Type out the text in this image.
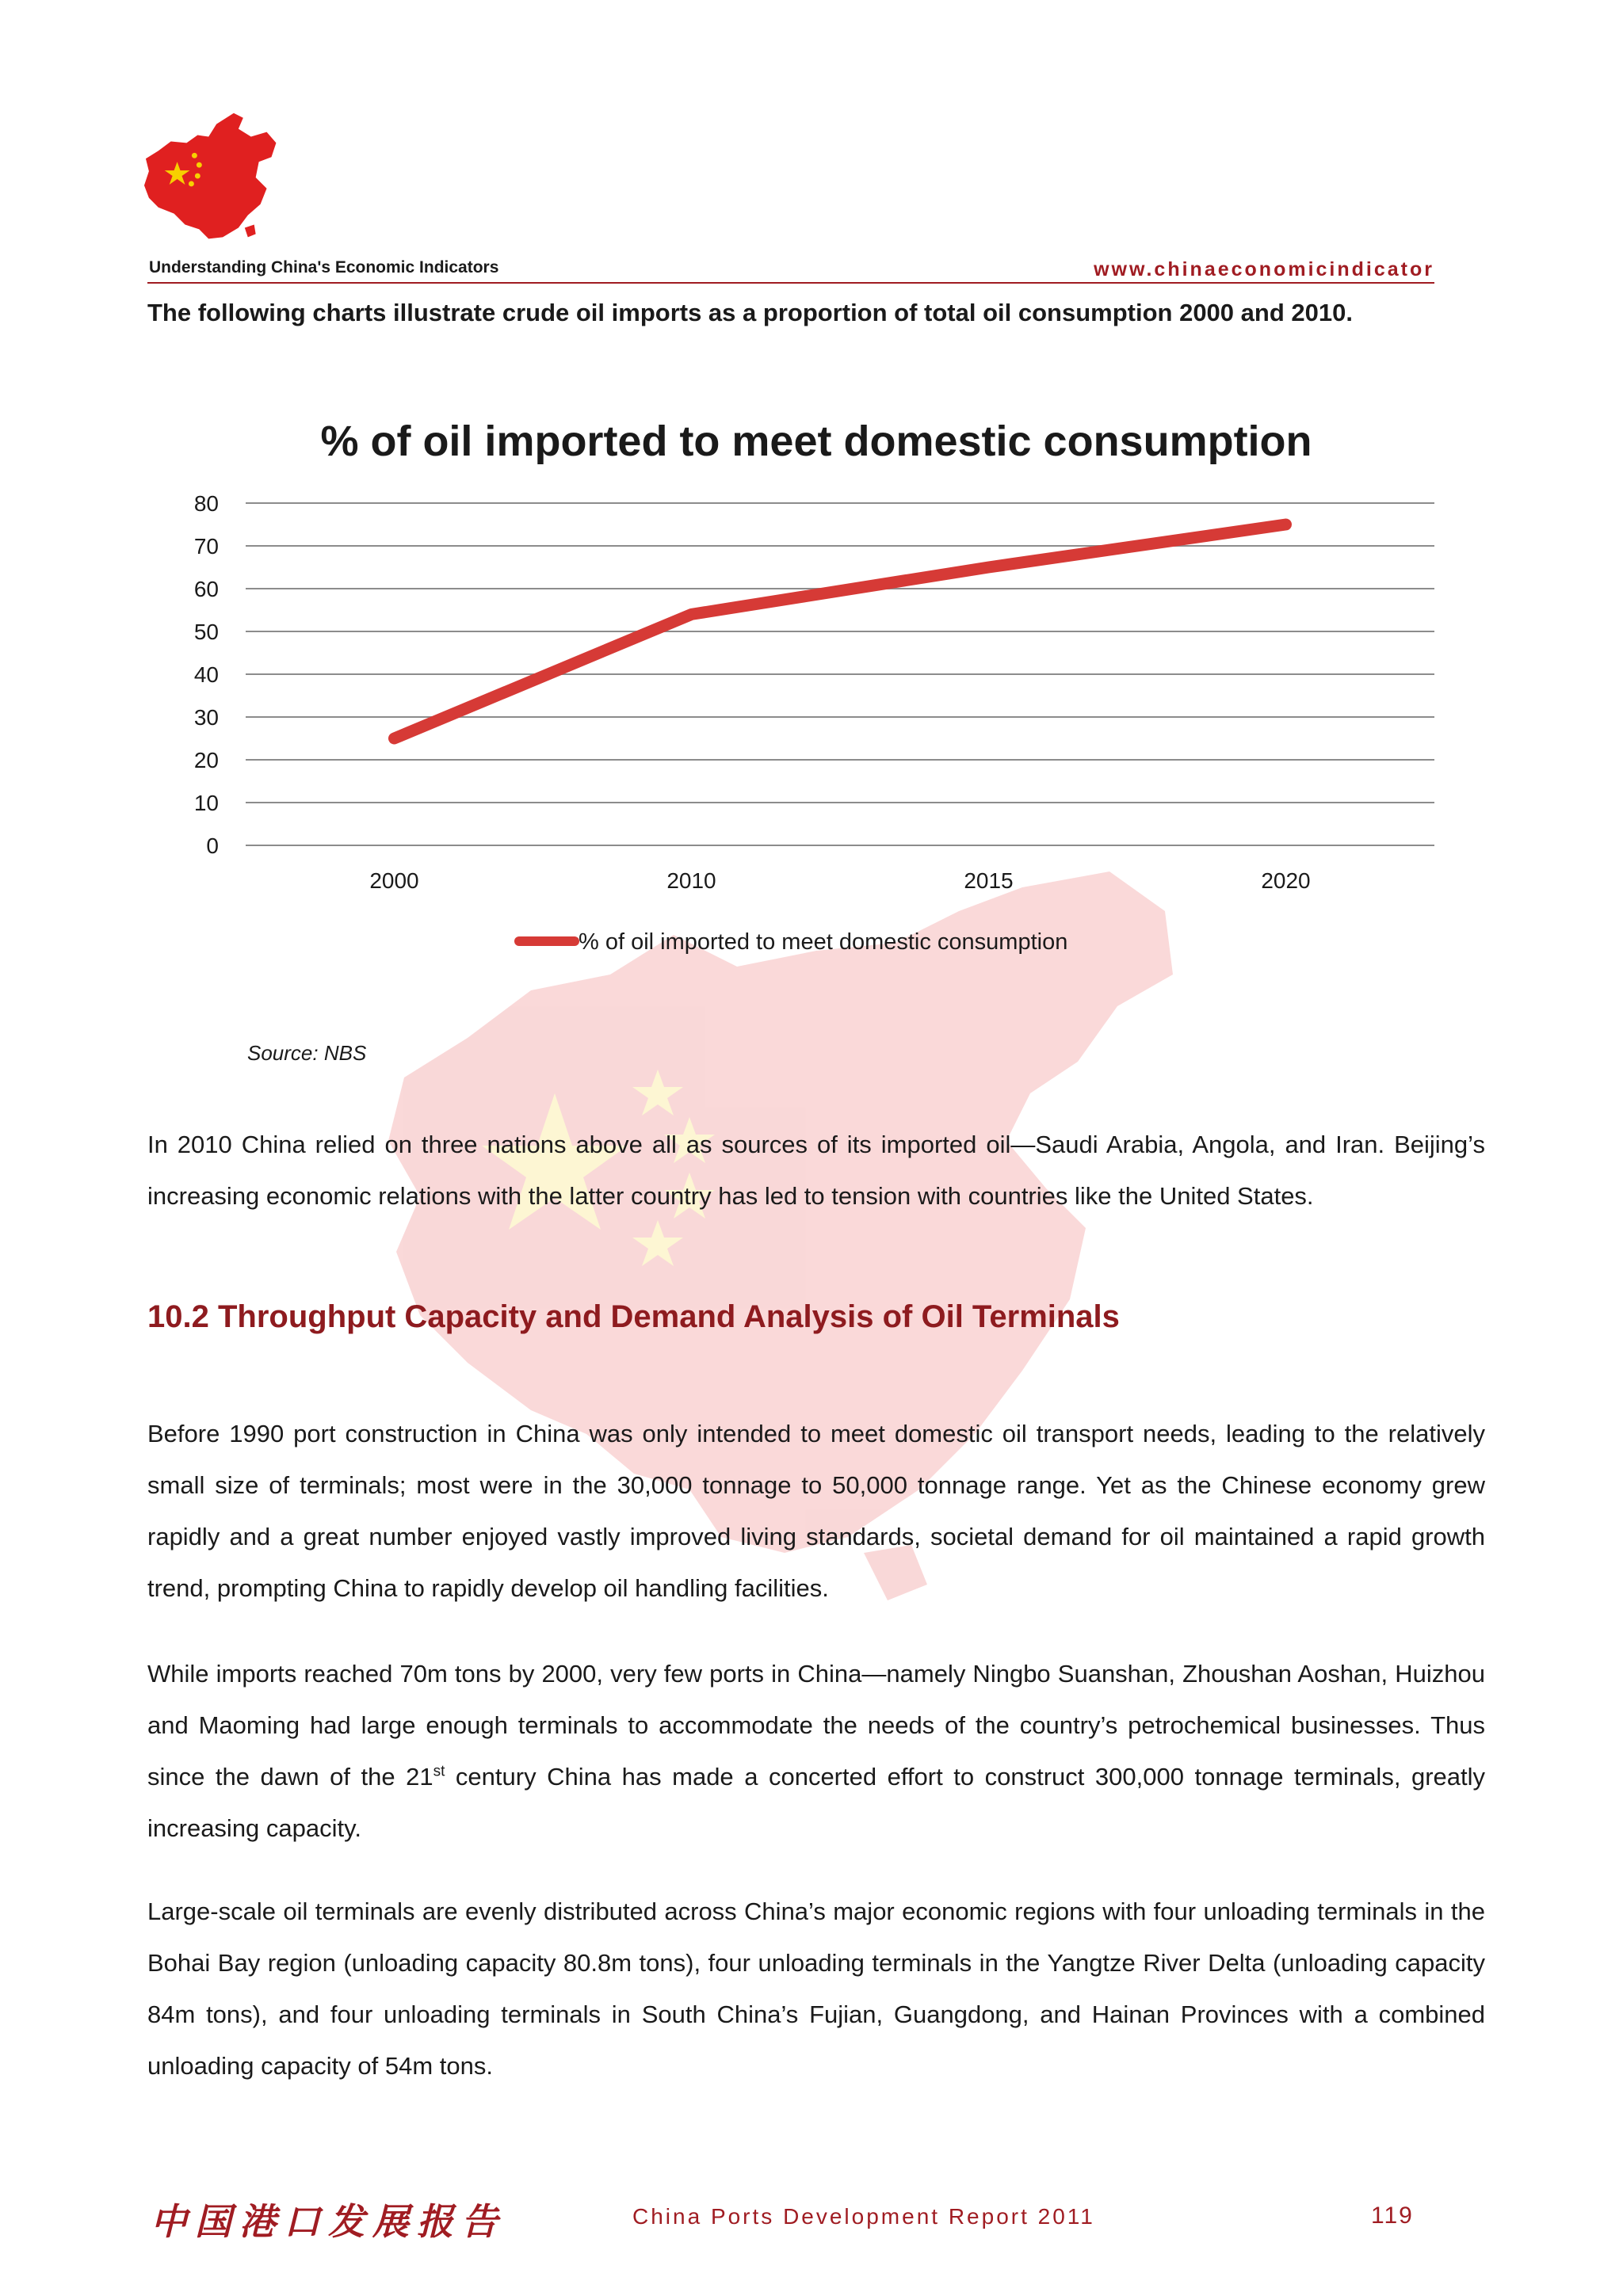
Understanding China's Economic Indicators	www.chinaeconomicindicator
The following charts illustrate crude oil imports as a proportion of total oil consumption 2000 and 2010.
% of oil imported to meet domestic consumption
0
10
20
30
40
50
60
70
80
2000	2010	2015	2020
% of oil imported to meet domestic consumption
Source: NBS

In 2010 China relied on three nations above all as sources of its imported oil—Saudi Arabia, Angola, and Iran. Beijing’s increasing economic relations with the latter country has led to tension with countries like the United States.

10.2 Throughput Capacity and Demand Analysis of Oil Terminals

Before 1990 port construction in China was only intended to meet domestic oil transport needs, leading to the relatively small size of terminals; most were in the 30,000 tonnage to 50,000 tonnage range. Yet as the Chinese economy grew rapidly and a great number enjoyed vastly improved living standards, societal demand for oil maintained a rapid growth trend, prompting China to rapidly develop oil handling facilities.

While imports reached 70m tons by 2000, very few ports in China—namely Ningbo Suanshan, Zhoushan Aoshan, Huizhou and Maoming had large enough terminals to accommodate the needs of the country’s petrochemical businesses. Thus since the dawn of the 21st century China has made a concerted effort to construct 300,000 tonnage terminals, greatly increasing capacity.

Large-scale oil terminals are evenly distributed across China’s major economic regions with four unloading terminals in the Bohai Bay region (unloading capacity 80.8m tons), four unloading terminals in the Yangtze River Delta (unloading capacity 84m tons), and four unloading terminals in South China’s Fujian, Guangdong, and Hainan Provinces with a combined unloading capacity of 54m tons.

中国港口发展报告	China Ports Development Report 2011	119
